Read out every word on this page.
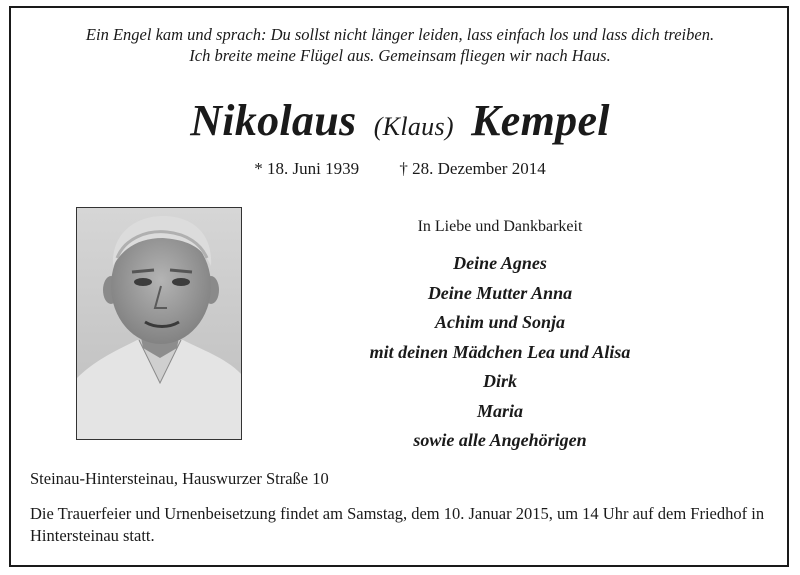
Ein Engel kam und sprach: Du sollst nicht länger leiden, lass einfach los und lass dich treiben.
Ich breite meine Flügel aus. Gemeinsam fliegen wir nach Haus.
Nikolaus (Klaus) Kempel
* 18. Juni 1939 † 28. Dezember 2014
In Liebe und Dankbarkeit
Deine Agnes
Deine Mutter Anna
Achim und Sonja
mit deinen Mädchen Lea und Alisa
Dirk
Maria
sowie alle Angehörigen
Steinau-Hintersteinau, Hauswurzer Straße 10
Die Trauerfeier und Urnenbeisetzung findet am Samstag, dem 10. Januar 2015, um 14 Uhr auf dem Friedhof in Hintersteinau statt.
